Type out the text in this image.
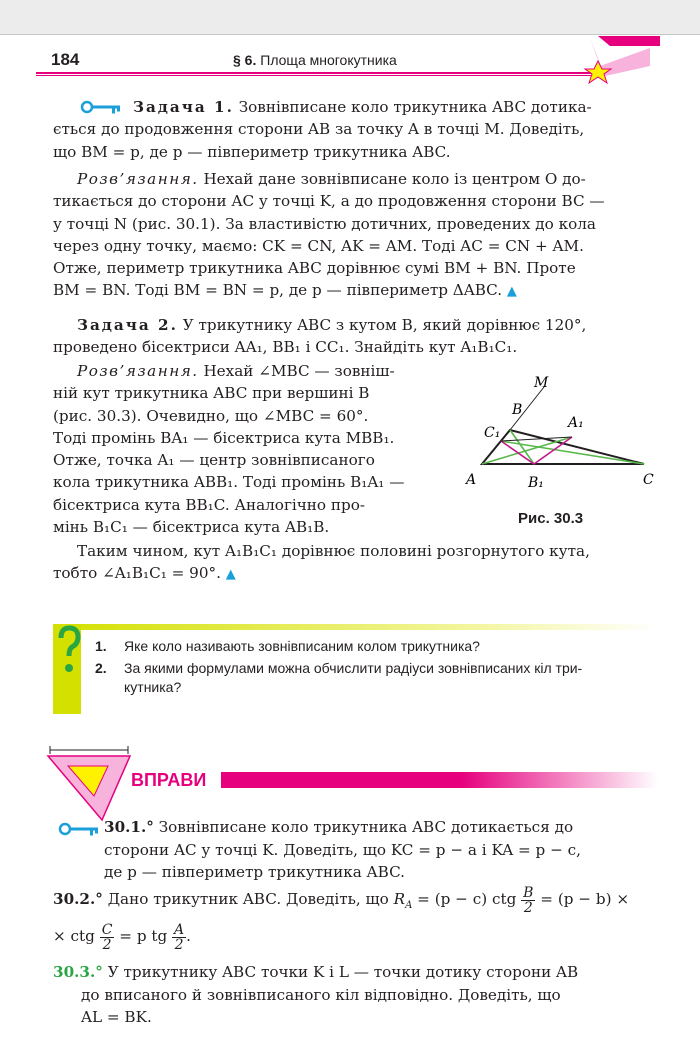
184	§ 6. Площа многокутника

Задача 1. Зовнівписане коло трикутника ABC дотика-

ється до продовження сторони AB за точку A в точці M. Доведіть,

що BM = p, де p — півпериметр трикутника ABC.

Розв’язання. Нехай дане зовнівписане коло із центром O до-

тикається до сторони AC у точці K, а до продовження сторони BC —

у точці N (рис. 30.1). За властивістю дотичних, проведених до кола

через одну точку, маємо: CK = CN, AK = AM. Тоді AC = CN + AM.

Отже, периметр трикутника ABC дорівнює сумі BM + BN. Проте

BM = BN. Тоді BM = BN = p, де p — півпериметр ΔABC. ▲

Задача 2. У трикутнику ABC з кутом B, який дорівнює 120°,

проведено бісектриси AA₁, BB₁ і CC₁. Знайдіть кут A₁B₁C₁.

Розв’язання. Нехай ∠MBC — зовніш-

ній кут трикутника ABC при вершині B

(рис. 30.3). Очевидно, що ∠MBC = 60°.

Тоді промінь BA₁ — бісектриса кута MBB₁.

Отже, точка A₁ — центр зовнівписаного

кола трикутника ABB₁. Тоді промінь B₁A₁ —

бісектриса кута BB₁C. Аналогічно про-

мінь B₁C₁ — бісектриса кута AB₁B.

M
B
C₁
A₁
A	B₁	C
Рис. 30.3

Таким чином, кут A₁B₁C₁ дорівнює половині розгорнутого кута,

тобто ∠A₁B₁C₁ = 90°. ▲

1. Яке коло називають зовнівписаним колом трикутника?
2. За якими формулами можна обчислити радіуси зовнівписаних кіл три-
кутника?
ВПРАВИ
30.1.° Зовнівписане коло трикутника ABC дотикається до
сторони AC у точці K. Доведіть, що KC = p − a і KA = p − c,
де p — півпериметр трикутника ABC.
30.2.° Дано трикутник ABC. Доведіть, що $R_A = (p - c)$ ctg $\frac{B}{2} = (p - b)$ ×
× ctg $\frac{C}{2} = p$ tg $\frac{A}{2}$ .
30.3.° У трикутнику ABC точки K і L — точки дотику сторони AB
до вписаного й зовнівписаного кіл відповідно. Доведіть, що
AL = BK.
